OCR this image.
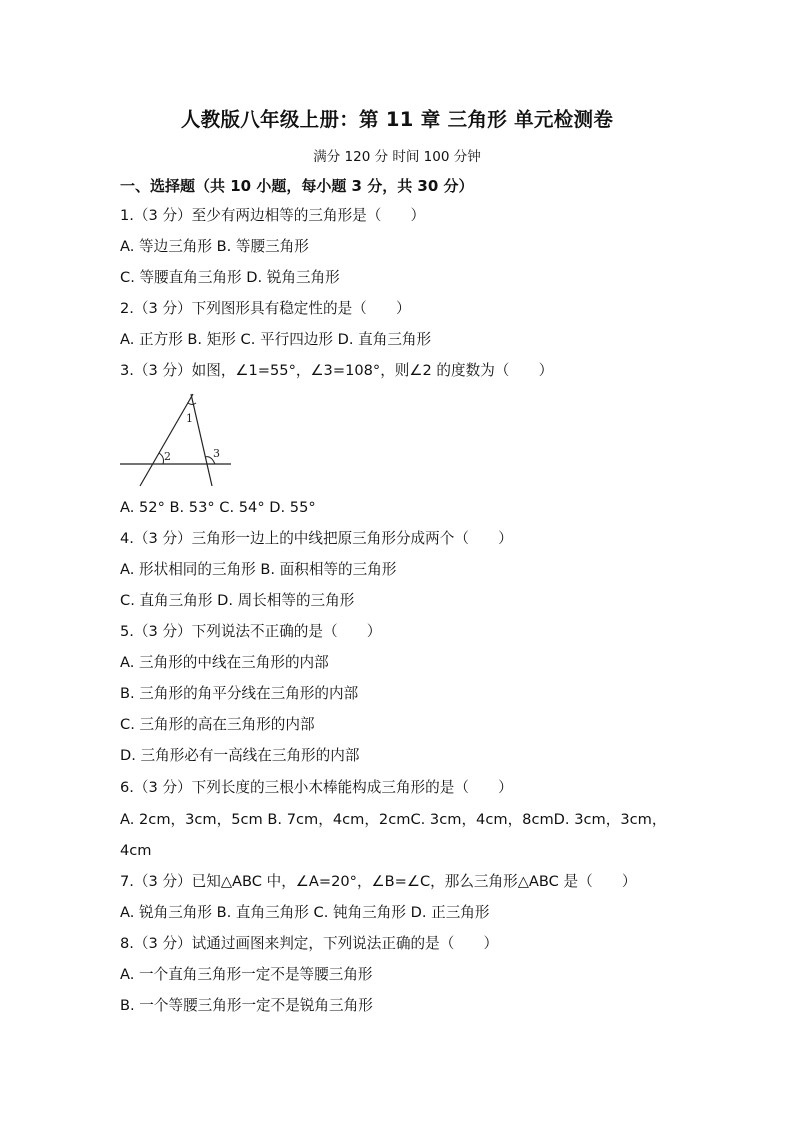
人教版八年级上册：第 11 章 三角形 单元检测卷
满分 120 分 时间 100 分钟
一、选择题（共 10 小题，每小题 3 分，共 30 分）
1.（3 分）至少有两边相等的三角形是（　　）
A. 等边三角形 B. 等腰三角形
C. 等腰直角三角形 D. 锐角三角形
2.（3 分）下列图形具有稳定性的是（　　）
A. 正方形 B. 矩形 C. 平行四边形 D. 直角三角形
3.（3 分）如图，∠1=55°，∠3=108°，则∠2 的度数为（　　）
1
2	3
A. 52° B. 53° C. 54° D. 55°
4.（3 分）三角形一边上的中线把原三角形分成两个（　　）
A. 形状相同的三角形 B. 面积相等的三角形
C. 直角三角形 D. 周长相等的三角形
5.（3 分）下列说法不正确的是（　　）
A. 三角形的中线在三角形的内部
B. 三角形的角平分线在三角形的内部
C. 三角形的高在三角形的内部
D. 三角形必有一高线在三角形的内部
6.（3 分）下列长度的三根小木棒能构成三角形的是（　　）
A. 2cm，3cm，5cm B. 7cm，4cm，2cmC. 3cm，4cm，8cmD. 3cm，3cm，
4cm
7.（3 分）已知△ABC 中，∠A=20°，∠B=∠C，那么三角形△ABC 是（　　）
A. 锐角三角形 B. 直角三角形 C. 钝角三角形 D. 正三角形
8.（3 分）试通过画图来判定，下列说法正确的是（　　）
A. 一个直角三角形一定不是等腰三角形
B. 一个等腰三角形一定不是锐角三角形
